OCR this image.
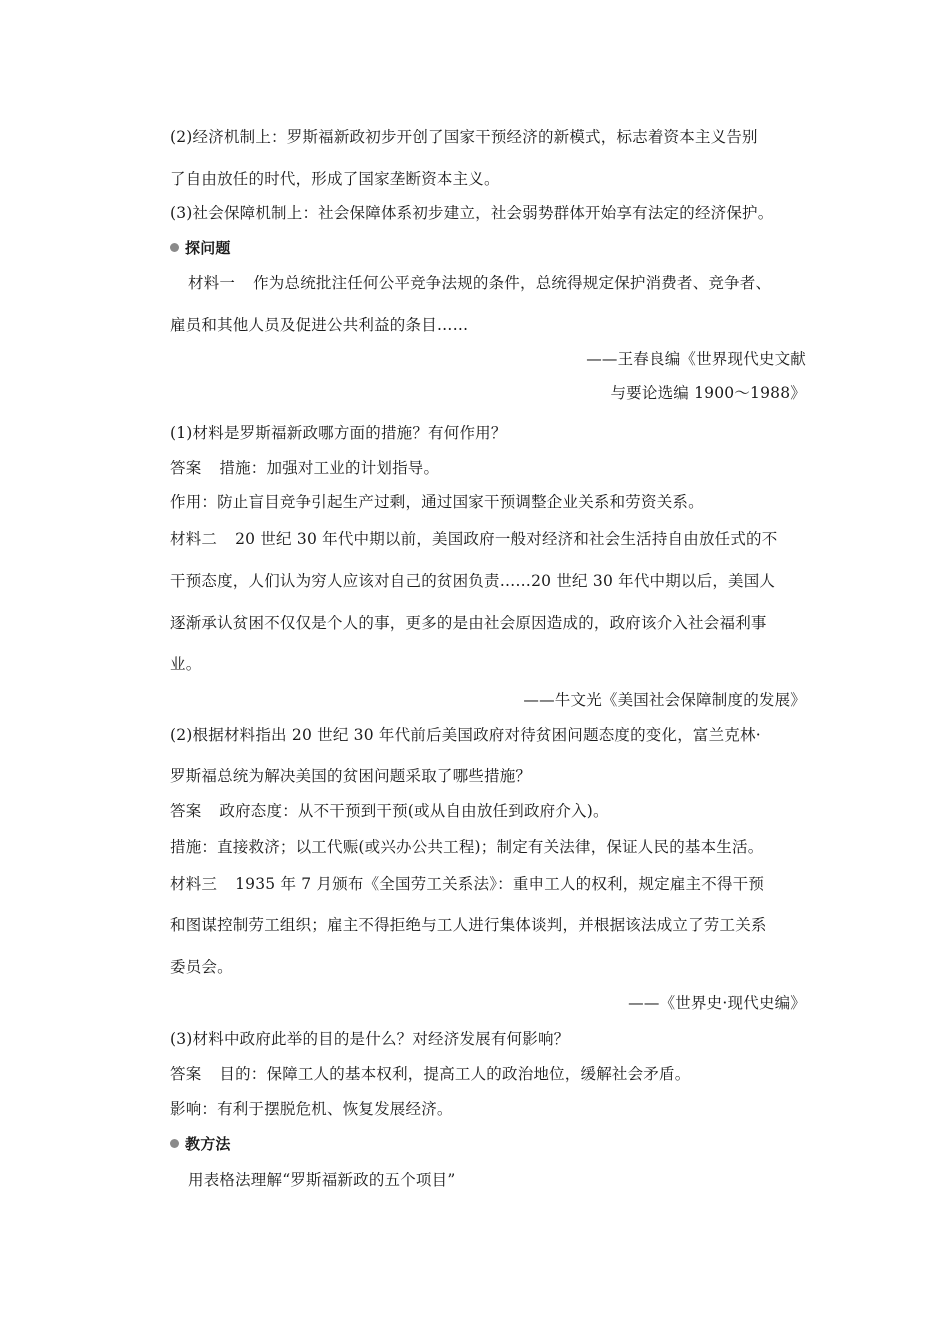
(2)经济机制上：罗斯福新政初步开创了国家干预经济的新模式，标志着资本主义告别
了自由放任的时代，形成了国家垄断资本主义。
(3)社会保障机制上：社会保障体系初步建立，社会弱势群体开始享有法定的经济保护。
探问题
材料一 作为总统批注任何公平竞争法规的条件，总统得规定保护消费者、竞争者、
雇员和其他人员及促进公共利益的条目……
——王春良编《世界现代史文献
与要论选编 1900～1988》
(1)材料是罗斯福新政哪方面的措施？有何作用？
答案 措施：加强对工业的计划指导。
作用：防止盲目竞争引起生产过剩，通过国家干预调整企业关系和劳资关系。
材料二 20 世纪 30 年代中期以前，美国政府一般对经济和社会生活持自由放任式的不
干预态度，人们认为穷人应该对自己的贫困负责……20 世纪 30 年代中期以后，美国人
逐渐承认贫困不仅仅是个人的事，更多的是由社会原因造成的，政府该介入社会福利事
业。
——牛文光《美国社会保障制度的发展》
(2)根据材料指出 20 世纪 30 年代前后美国政府对待贫困问题态度的变化，富兰克林·
罗斯福总统为解决美国的贫困问题采取了哪些措施？
答案 政府态度：从不干预到干预(或从自由放任到政府介入)。
措施：直接救济；以工代赈(或兴办公共工程)；制定有关法律，保证人民的基本生活。
材料三 1935 年 7 月颁布《全国劳工关系法》：重申工人的权利，规定雇主不得干预
和图谋控制劳工组织；雇主不得拒绝与工人进行集体谈判，并根据该法成立了劳工关系
委员会。
——《世界史·现代史编》
(3)材料中政府此举的目的是什么？对经济发展有何影响？
答案 目的：保障工人的基本权利，提高工人的政治地位，缓解社会矛盾。
影响：有利于摆脱危机、恢复发展经济。
教方法
用表格法理解“罗斯福新政的五个项目”
